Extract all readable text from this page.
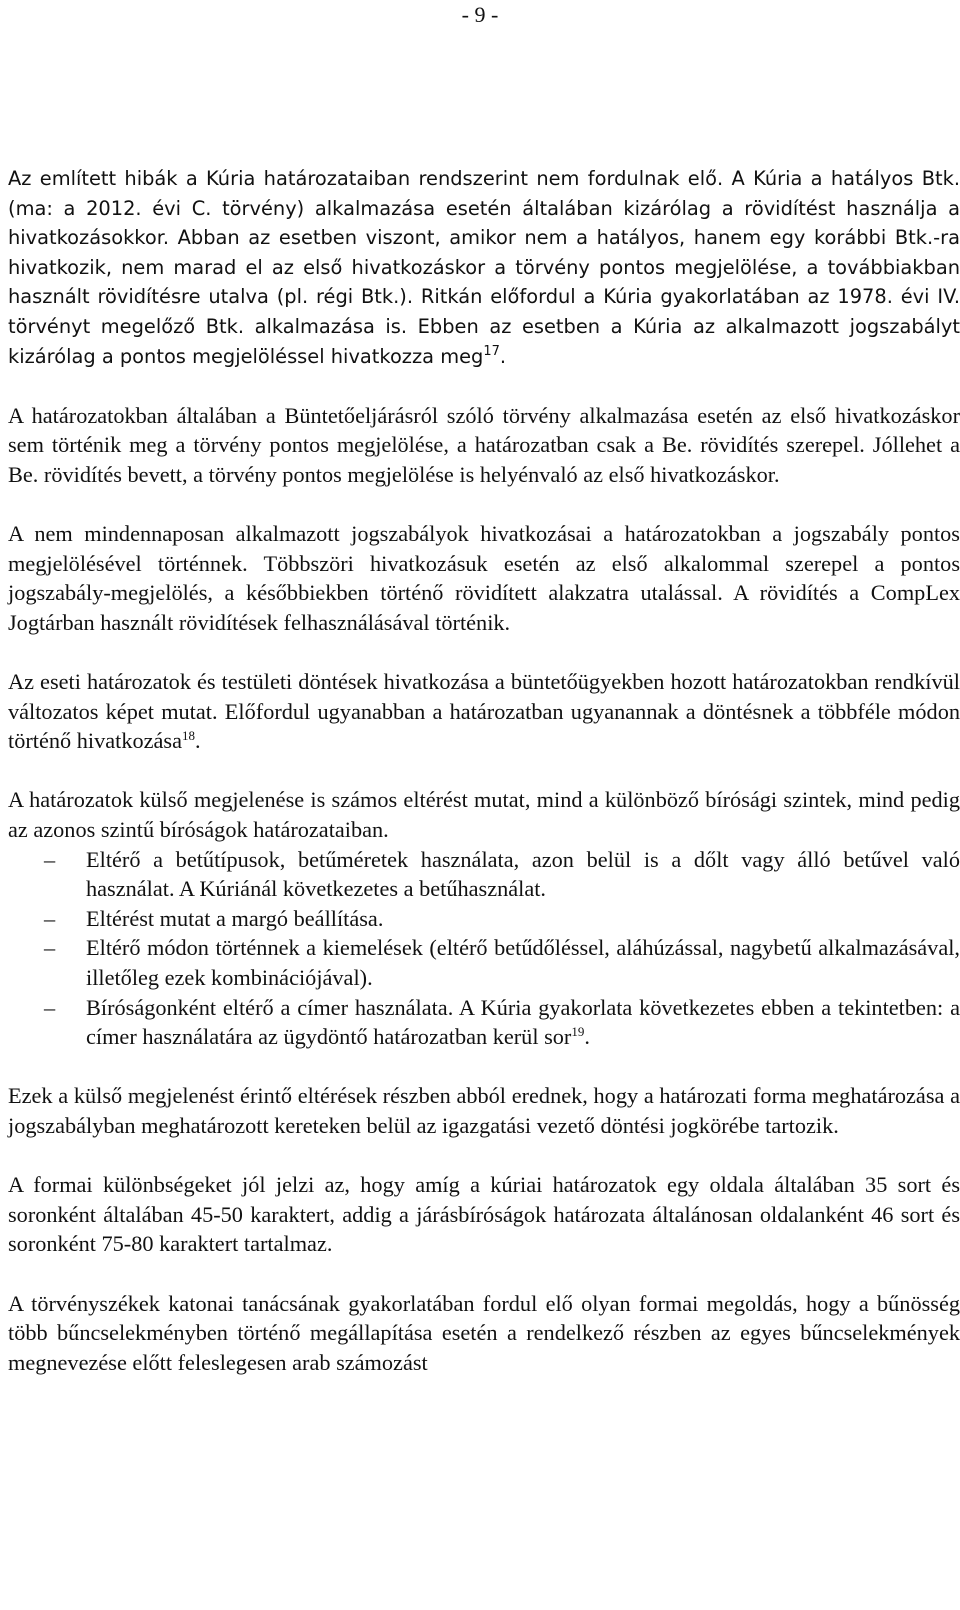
- 9 -

Az említett hibák a Kúria határozataiban rendszerint nem fordulnak elő. A Kúria a hatályos Btk. (ma: a 2012. évi C. törvény) alkalmazása esetén általában kizárólag a rövidítést használja a hivatkozásokkor. Abban az esetben viszont, amikor nem a hatályos, hanem egy korábbi Btk.-ra hivatkozik, nem marad el az első hivatkozáskor a törvény pontos megjelölése, a továbbiakban használt rövidítésre utalva (pl. régi Btk.). Ritkán előfordul a Kúria gyakorlatában az 1978. évi IV. törvényt megelőző Btk. alkalmazása is. Ebben az esetben a Kúria az alkalmazott jogszabályt kizárólag a pontos megjelöléssel hivatkozza meg$^{17}$.

A határozatokban általában a Büntetőeljárásról szóló törvény alkalmazása esetén az első hivatkozáskor sem történik meg a törvény pontos megjelölése, a határozatban csak a Be. rövidítés szerepel. Jóllehet a Be. rövidítés bevett, a törvény pontos megjelölése is helyénvaló az első hivatkozáskor.

A nem mindennaposan alkalmazott jogszabályok hivatkozásai a határozatokban a jogszabály pontos megjelölésével történnek. Többszöri hivatkozásuk esetén az első alkalommal szerepel a pontos jogszabály-megjelölés, a későbbiekben történő rövidített alakzatra utalással. A rövidítés a CompLex Jogtárban használt rövidítések felhasználásával történik.

Az eseti határozatok és testületi döntések hivatkozása a büntetőügyekben hozott határozatokban rendkívül változatos képet mutat. Előfordul ugyanabban a határozatban ugyanannak a döntésnek a többféle módon történő hivatkozása$^{18}$.

A határozatok külső megjelenése is számos eltérést mutat, mind a különböző bírósági szintek, mind pedig az azonos szintű bíróságok határozataiban.

– Eltérő a betűtípusok, betűméretek használata, azon belül is a dőlt vagy álló betűvel való használat. A Kúriánál következetes a betűhasználat.
– Eltérést mutat a margó beállítása.
– Eltérő módon történnek a kiemelések (eltérő betűdőléssel, aláhúzással, nagybetű alkalmazásával, illetőleg ezek kombinációjával).
– Bíróságonként eltérő a címer használata. A Kúria gyakorlata következetes ebben a tekintetben: a címer használatára az ügydöntő határozatban kerül sor$^{19}$.

Ezek a külső megjelenést érintő eltérések részben abból erednek, hogy a határozati forma meghatározása a jogszabályban meghatározott kereteken belül az igazgatási vezető döntési jogkörébe tartozik.

A formai különbségeket jól jelzi az, hogy amíg a kúriai határozatok egy oldala általában 35 sort és soronként általában 45-50 karaktert, addig a járásbíróságok határozata általánosan oldalanként 46 sort és soronként 75-80 karaktert tartalmaz.

A törvényszékek katonai tanácsának gyakorlatában fordul elő olyan formai megoldás, hogy a bűnösség több bűncselekményben történő megállapítása esetén a rendelkező részben az egyes bűncselekmények megnevezése előtt feleslegesen arab számozást
